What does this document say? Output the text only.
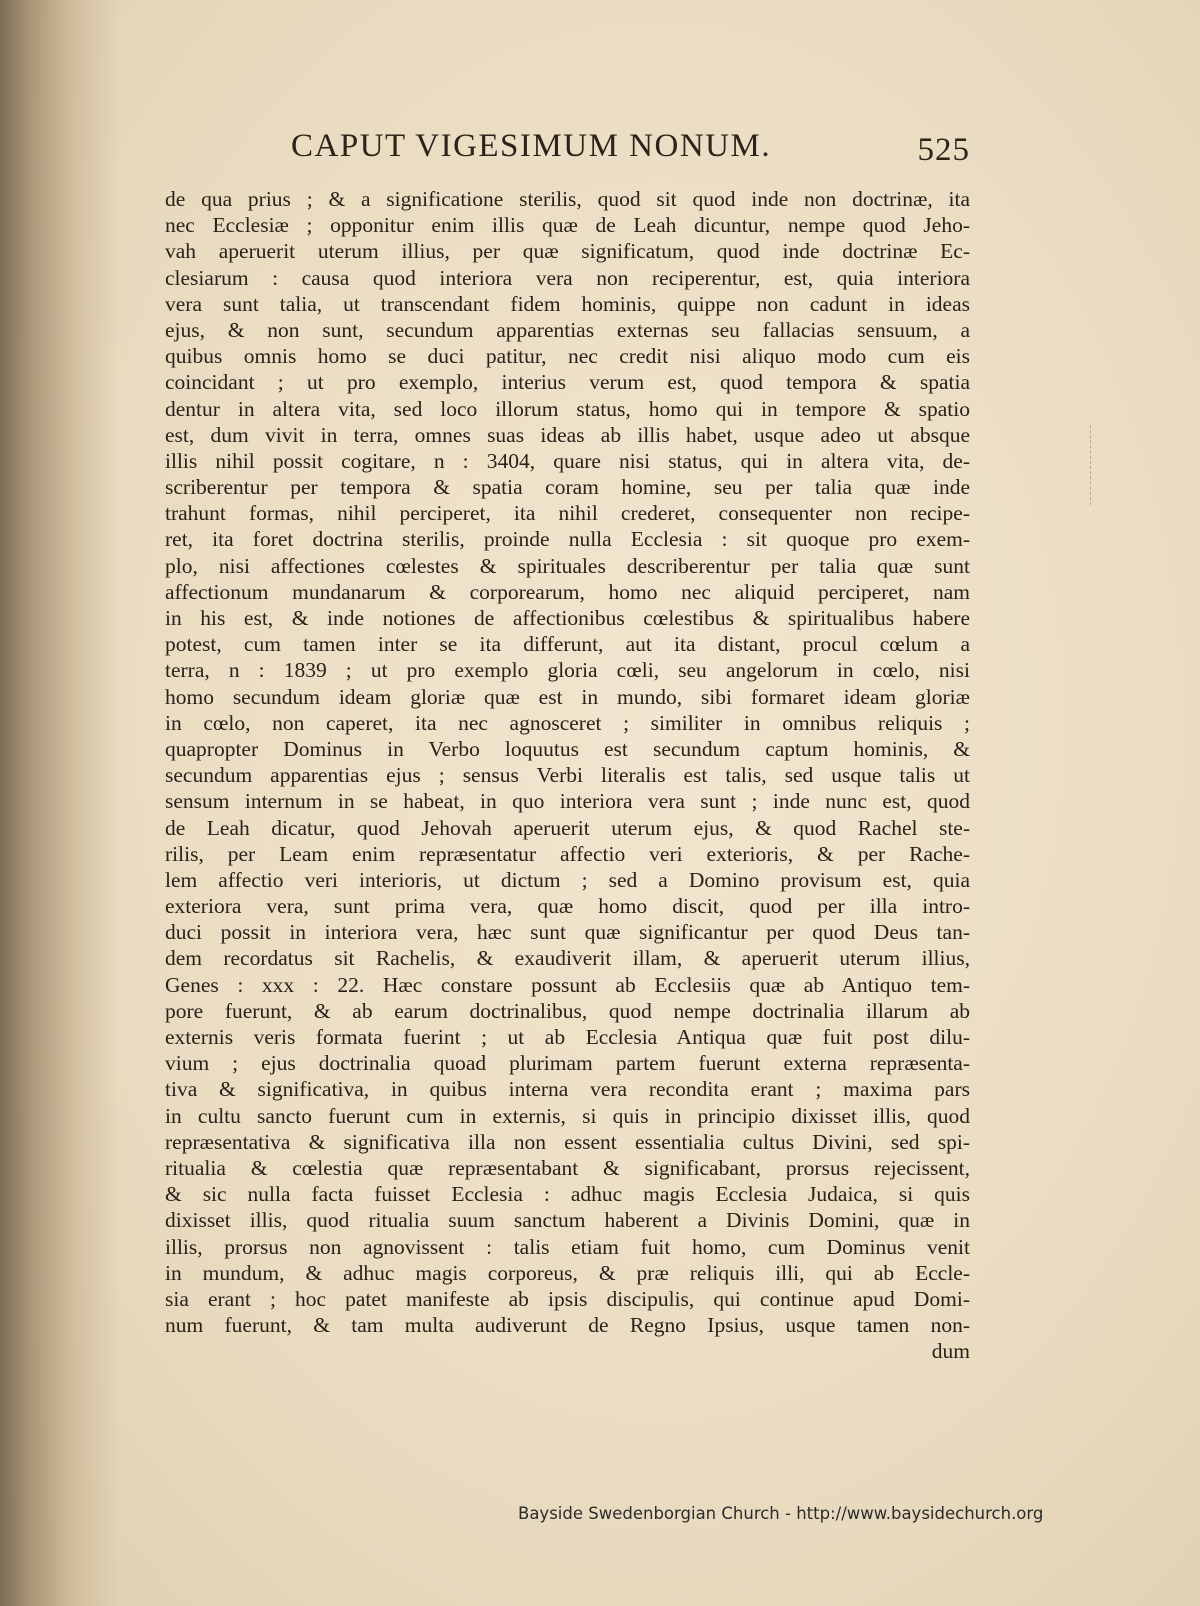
CAPUT VIGESIMUM NONUM.	525
de qua prius ; & a significatione sterilis, quod sit quod inde non doctrinæ, ita
nec Ecclesiæ ; opponitur enim illis quæ de Leah dicuntur, nempe quod Jeho-
vah aperuerit uterum illius, per quæ significatum, quod inde doctrinæ Ec-
clesiarum : causa quod interiora vera non reciperentur, est, quia interiora
vera sunt talia, ut transcendant fidem hominis, quippe non cadunt in ideas
ejus, & non sunt, secundum apparentias externas seu fallacias sensuum, a
quibus omnis homo se duci patitur, nec credit nisi aliquo modo cum eis
coincidant ; ut pro exemplo, interius verum est, quod tempora & spatia
dentur in altera vita, sed loco illorum status, homo qui in tempore & spatio
est, dum vivit in terra, omnes suas ideas ab illis habet, usque adeo ut absque
illis nihil possit cogitare, n : 3404, quare nisi status, qui in altera vita, de-
scriberentur per tempora & spatia coram homine, seu per talia quæ inde
trahunt formas, nihil perciperet, ita nihil crederet, consequenter non recipe-
ret, ita foret doctrina sterilis, proinde nulla Ecclesia : sit quoque pro exem-
plo, nisi affectiones cœlestes & spirituales describerentur per talia quæ sunt
affectionum mundanarum & corporearum, homo nec aliquid perciperet, nam
in his est, & inde notiones de affectionibus cœlestibus & spiritualibus habere
potest, cum tamen inter se ita differunt, aut ita distant, procul cœlum a
terra, n : 1839 ; ut pro exemplo gloria cœli, seu angelorum in cœlo, nisi
homo secundum ideam gloriæ quæ est in mundo, sibi formaret ideam gloriæ
in cœlo, non caperet, ita nec agnosceret ; similiter in omnibus reliquis ;
quapropter Dominus in Verbo loquutus est secundum captum hominis, &
secundum apparentias ejus ; sensus Verbi literalis est talis, sed usque talis ut
sensum internum in se habeat, in quo interiora vera sunt ; inde nunc est, quod
de Leah dicatur, quod Jehovah aperuerit uterum ejus, & quod Rachel ste-
rilis, per Leam enim repræsentatur affectio veri exterioris, & per Rache-
lem affectio veri interioris, ut dictum ; sed a Domino provisum est, quia
exteriora vera, sunt prima vera, quæ homo discit, quod per illa intro-
duci possit in interiora vera, hæc sunt quæ significantur per quod Deus tan-
dem recordatus sit Rachelis, & exaudiverit illam, & aperuerit uterum illius,
Genes : xxx : 22. Hæc constare possunt ab Ecclesiis quæ ab Antiquo tem-
pore fuerunt, & ab earum doctrinalibus, quod nempe doctrinalia illarum ab
externis veris formata fuerint ; ut ab Ecclesia Antiqua quæ fuit post dilu-
vium ; ejus doctrinalia quoad plurimam partem fuerunt externa repræsenta-
tiva & significativa, in quibus interna vera recondita erant ; maxima pars
in cultu sancto fuerunt cum in externis, si quis in principio dixisset illis, quod
repræsentativa & significativa illa non essent essentialia cultus Divini, sed spi-
ritualia & cœlestia quæ repræsentabant & significabant, prorsus rejecissent,
& sic nulla facta fuisset Ecclesia : adhuc magis Ecclesia Judaica, si quis
dixisset illis, quod ritualia suum sanctum haberent a Divinis Domini, quæ in
illis, prorsus non agnovissent : talis etiam fuit homo, cum Dominus venit
in mundum, & adhuc magis corporeus, & præ reliquis illi, qui ab Eccle-
sia erant ; hoc patet manifeste ab ipsis discipulis, qui continue apud Domi-
num fuerunt, & tam multa audiverunt de Regno Ipsius, usque tamen non-
dum
Bayside Swedenborgian Church - http://www.baysidechurch.org
